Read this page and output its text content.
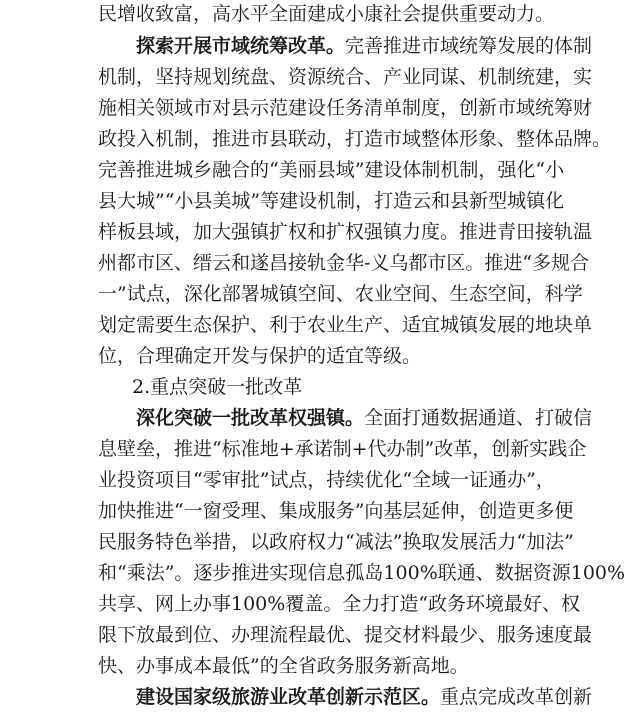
民增收致富，高水平全面建成小康社会提供重要动力。
探索开展市域统筹改革。完善推进市域统筹发展的体制
机制，坚持规划统盘、资源统合、产业同谋、机制统建，实
施相关领域市对县示范建设任务清单制度，创新市域统筹财
政投入机制，推进市县联动，打造市域整体形象、整体品牌。
完善推进城乡融合的“美丽县域”建设体制机制，强化“小
县大城”“小县美城”等建设机制，打造云和县新型城镇化
样板县域，加大强镇扩权和扩权强镇力度。推进青田接轨温
州都市区、缙云和遂昌接轨金华-义乌都市区。推进“多规合
一”试点，深化部署城镇空间、农业空间、生态空间，科学
划定需要生态保护、利于农业生产、适宜城镇发展的地块单
位，合理确定开发与保护的适宜等级。
2.重点突破一批改革
深化突破一批改革权强镇。全面打通数据通道、打破信
息壁垒，推进“标准地+承诺制+代办制”改革，创新实践企
业投资项目“零审批”试点，持续优化“全域一证通办”，
加快推进“一窗受理、集成服务”向基层延伸，创造更多便
民服务特色举措，以政府权力“减法”换取发展活力“加法”
和“乘法”。逐步推进实现信息孤岛100%联通、数据资源100%
共享、网上办事100%覆盖。全力打造“政务环境最好、权
限下放最到位、办理流程最优、提交材料最少、服务速度最
快、办事成本最低”的全省政务服务新高地。
建设国家级旅游业改革创新示范区。重点完成改革创新
